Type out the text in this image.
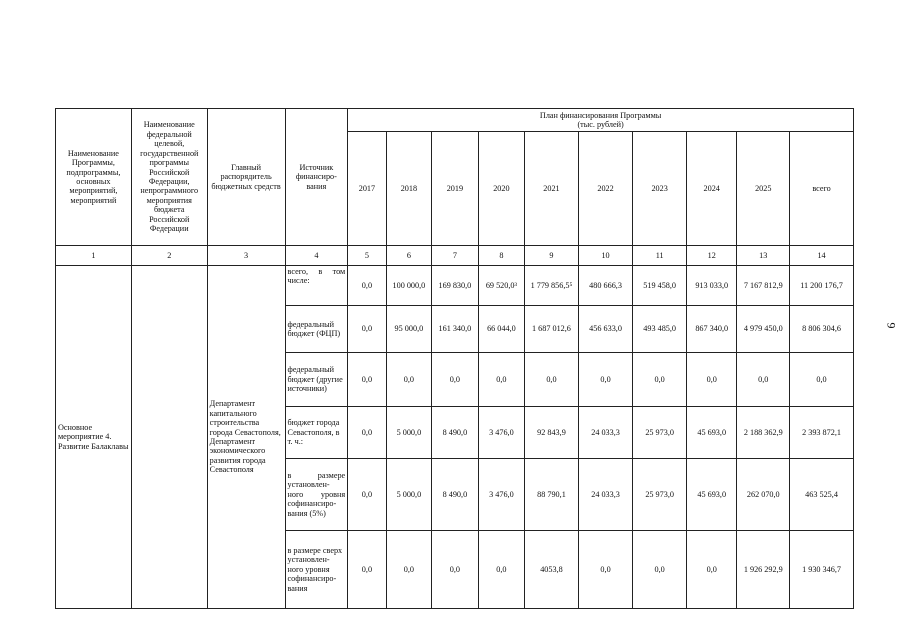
Наименование Программы, подпрограммы, основных мероприятий, мероприятий	Наименование федеральной целевой, государственной программы Российской Федерации, непрограммного мероприятия бюджета Российской Федерации	Главный распорядитель бюджетных средств	Источник финансиро-вания	План финансирования Программы
(тыс. рублей)									

				2017	2018	2019	2020	2021	2022	2023	2024	2025	всего
1	2	3	4	5	6	7	8	9	10	11	12	13	14
Основное мероприятие 4. Развитие Балаклавы		Департамент капитального строительства города Севастополя, Департамент экономического развития города Севастополя	всего, в том числе:	0,0	100 000,0	169 830,0	69 520,0³	1 779 856,5⁵	480 666,3	519 458,0	913 033,0	7 167 812,9	11 200 176,7
			федеральный бюджет (ФЦП)	0,0	95 000,0	161 340,0	66 044,0	1 687 012,6	456 633,0	493 485,0	867 340,0	4 979 450,0	8 806 304,6
			федеральный бюджет (другие источники)	0,0	0,0	0,0	0,0	0,0	0,0	0,0	0,0	0,0	0,0
			бюджет города Севастополя, в т. ч.:	0,0	5 000,0	8 490,0	3 476,0	92 843,9	24 033,3	25 973,0	45 693,0	2 188 362,9	2 393 872,1
			в размере установлен-ного уровня софинансиро-вания (5%)	0,0	5 000,0	8 490,0	3 476,0	88 790,1	24 033,3	25 973,0	45 693,0	262 070,0	463 525,4
			в размере сверх установлен-ного уровня софинансиро-вания	0,0	0,0	0,0	0,0	4053,8	0,0	0,0	0,0	1 926 292,9	1 930 346,7
9
